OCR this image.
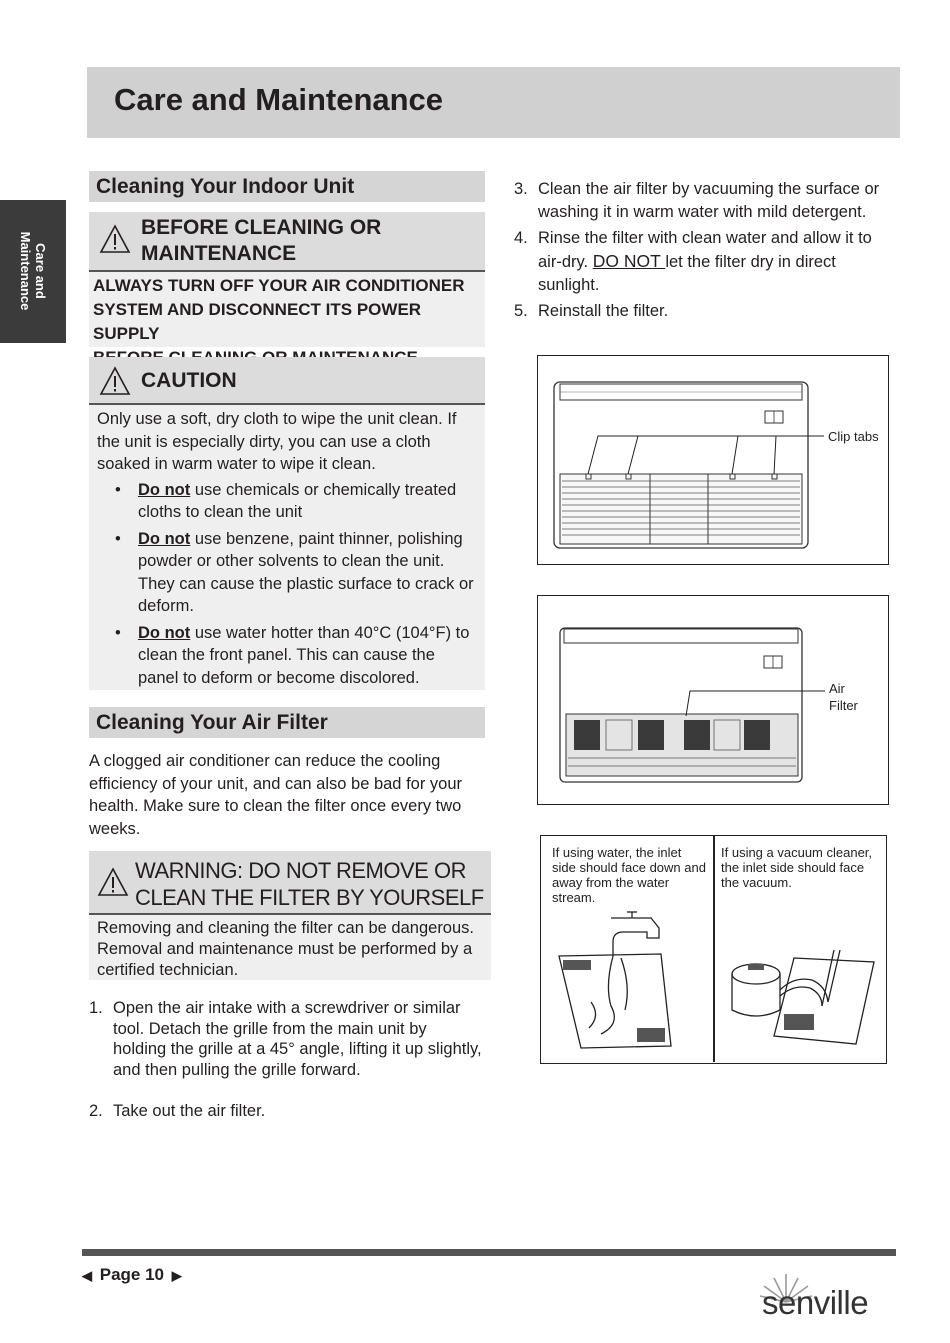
Care and Maintenance
Care and
Maintenance
Cleaning Your Indoor Unit
BEFORE CLEANING OR
MAINTENANCE
ALWAYS TURN OFF YOUR AIR CONDITIONER
SYSTEM AND DISCONNECT ITS POWER SUPPLY
CAUTION
Only use a soft, dry cloth to wipe the unit clean. If the unit is especially dirty, you can use a cloth soaked in warm water to wipe it clean.
• Do not use chemicals or chemically treated cloths to clean the unit
• Do not use benzene, paint thinner, polishing powder or other solvents to clean the unit. They can cause the plastic surface to crack or deform.
• Do not use water hotter than 40°C (104°F) to clean the front panel. This can cause the panel to deform or become discolored.
Cleaning Your Air Filter
A clogged air conditioner can reduce the cooling efficiency of your unit, and can also be bad for your health. Make sure to clean the filter once every two weeks.
WARNING: DO NOT REMOVE OR
CLEAN THE FILTER BY YOURSELF
Removing and cleaning the filter can be dangerous. Removal and maintenance must be performed by a certified technician.
1. Open the air intake with a screwdriver or similar tool. Detach the grille from the main unit by holding the grille at a 45° angle, lifting it up slightly, and then pulling the grille forward.
2. Take out the air filter.
3. Clean the air filter by vacuuming the surface or washing it in warm water with mild detergent.
4. Rinse the filter with clean water and allow it to air-dry. DO NOT let the filter dry in direct sunlight.
5. Reinstall the filter.
Clip tabs
Air
Filter
If using water, the inlet side should face down and away from the water stream.
If using a vacuum cleaner, the inlet side should face the vacuum.
◀ Page 10 ▶
senville
